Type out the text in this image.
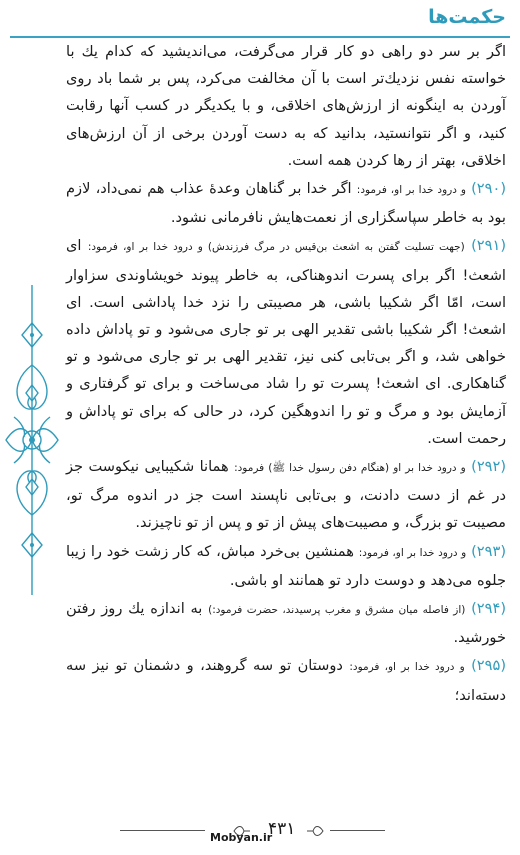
حکمت‌ها

اگر بر سر دو راهی دو کار قرار می‌گرفت، می‌اندیشید که کدام یك با خواسته نفس نزدیك‌تر است با آن مخالفت می‌کرد، پس بر شما باد روی آوردن به اینگونه از ارزش‌های اخلاقی، و با یکدیگر در کسب آنها رقابت کنید، و اگر نتوانستید، بدانید که به دست آوردن برخی از آن ارزش‌های اخلاقی، بهتر از رها کردن همه است.

(۲۹۰) و درود خدا بر او، فرمود: اگر خدا بر گناهان وعدهٔ عذاب هم نمی‌داد، لازم بود به خاطر سپاسگزاری از نعمت‌هایش نافرمانی نشود.

(۲۹۱) (جهت تسلیت گفتن به اشعث بن‌قیس در مرگ فرزندش) و درود خدا بر او، فرمود: ای اشعث! اگر برای پسرت اندوهناکی، به خاطر پیوند خویشاوندی سزاوار است، امّا اگر شکیبا باشی، هر مصیبتی را نزد خدا پاداشی است. ای اشعث! اگر شکیبا باشی تقدیر الهی بر تو جاری می‌شود و تو پاداش داده خواهی شد، و اگر بی‌تابی کنی نیز، تقدیر الهی بر تو جاری می‌شود و تو گناهکاری. ای اشعث! پسرت تو را شاد می‌ساخت و برای تو گرفتاری و آزمایش بود و مرگ و تو را اندوهگین کرد، در حالی که برای تو پاداش و رحمت است.

(۲۹۲) و درود خدا بر او (هنگام دفن رسول خدا ﷺ) فرمود: همانا شکیبایی نیکوست جز در غم از دست دادنت، و بی‌تابی ناپسند است جز در اندوه مرگ تو، مصیبت تو بزرگ، و مصیبت‌های پیش از تو و پس از تو ناچیزند.

(۲۹۳) و درود خدا بر او، فرمود: همنشین بی‌خرد مباش، که کار زشت خود را زیبا جلوه می‌دهد و دوست دارد تو همانند او باشی.

(۲۹۴) (از فاصله میان مشرق و مغرب پرسیدند، حضرت فرمود:) به اندازه یك روز رفتن خورشید.

(۲۹۵) و درود خدا بر او، فرمود: دوستان تو سه گروهند، و دشمنان تو نیز سه دسته‌اند؛

Mobyan.ir
۴۳۱
